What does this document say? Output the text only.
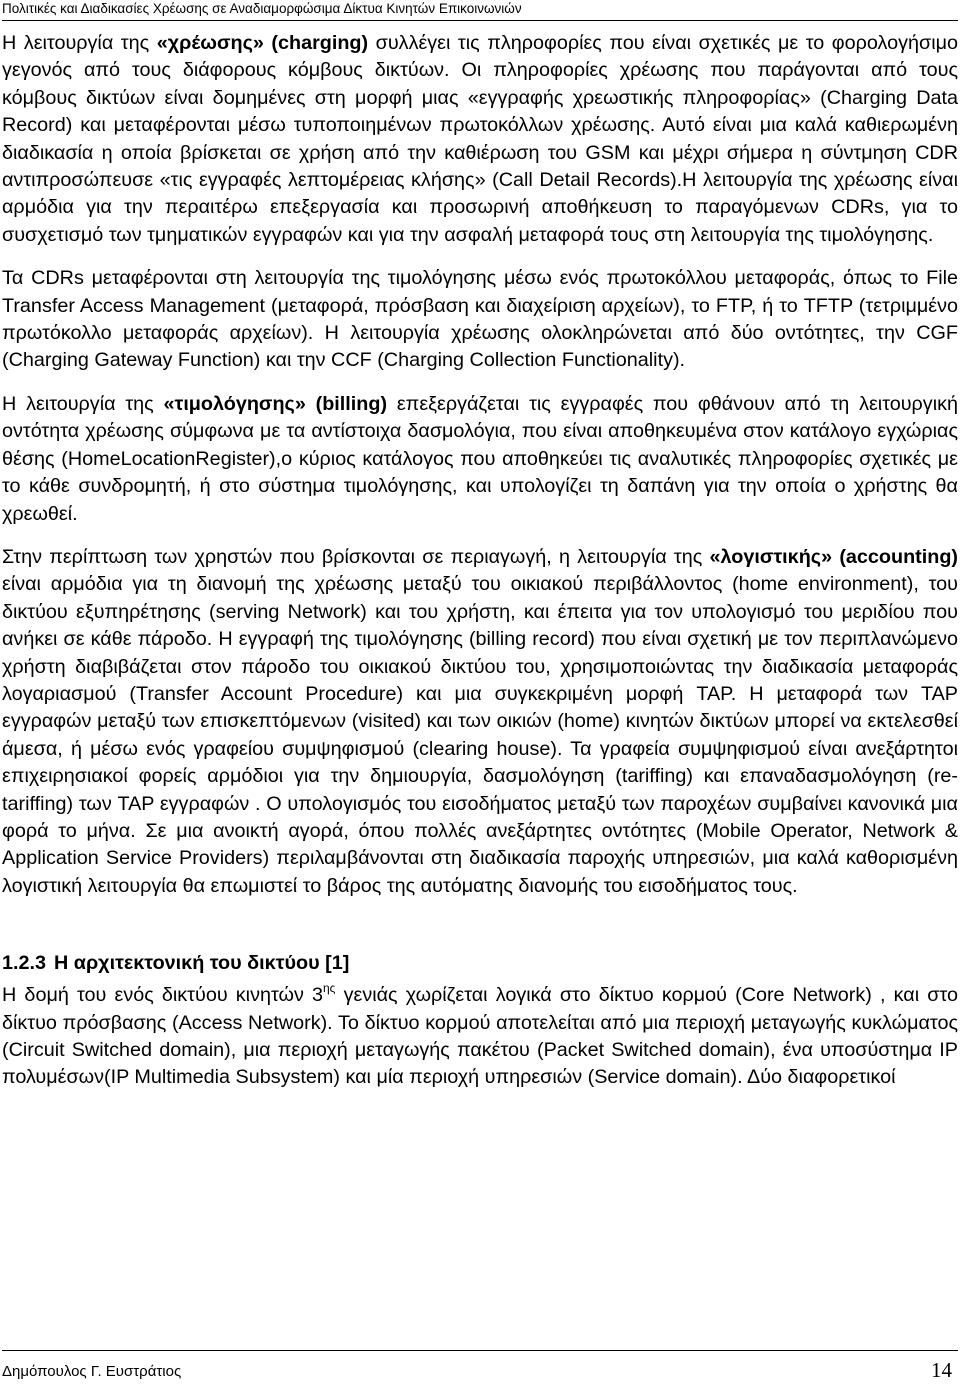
Πολιτικές και Διαδικασίες Χρέωσης σε Αναδιαμορφώσιμα Δίκτυα Κινητών Επικοινωνιών

Η λειτουργία της «χρέωσης» (charging) συλλέγει τις πληροφορίες που είναι σχετικές με το φορολογήσιμο γεγονός από τους διάφορους κόμβους δικτύων. Οι πληροφορίες χρέωσης που παράγονται από τους κόμβους δικτύων είναι δομημένες στη μορφή μιας «εγγραφής χρεωστικής πληροφορίας» (Charging Data Record) και μεταφέρονται μέσω τυποποιημένων πρωτοκόλλων χρέωσης. Αυτό είναι μια καλά καθιερωμένη διαδικασία η οποία βρίσκεται σε χρήση από την καθιέρωση του GSM και μέχρι σήμερα η σύντμηση CDR αντιπροσώπευσε «τις εγγραφές λεπτομέρειας κλήσης» (Call Detail Records).Η λειτουργία της χρέωσης είναι αρμόδια για την περαιτέρω επεξεργασία και προσωρινή αποθήκευση το παραγόμενων CDRs, για το συσχετισμό των τμηματικών εγγραφών και για την ασφαλή μεταφορά τους στη λειτουργία της τιμολόγησης.

Τα CDRs μεταφέρονται στη λειτουργία της τιμολόγησης μέσω ενός πρωτοκόλλου μεταφοράς, όπως το File Transfer Access Management (μεταφορά, πρόσβαση και διαχείριση αρχείων), το FTP, ή το TFTP (τετριμμένο πρωτόκολλο μεταφοράς αρχείων). Η λειτουργία χρέωσης ολοκληρώνεται από δύο οντότητες, την CGF (Charging Gateway Function) και την CCF (Charging Collection Functionality).

Η λειτουργία της «τιμολόγησης» (billing) επεξεργάζεται τις εγγραφές που φθάνουν από τη λειτουργική οντότητα χρέωσης σύμφωνα με τα αντίστοιχα δασμολόγια, που είναι αποθηκευμένα στον κατάλογο εγχώριας θέσης (HomeLocationRegister),ο κύριος κατάλογος που αποθηκεύει τις αναλυτικές πληροφορίες σχετικές με το κάθε συνδρομητή, ή στο σύστημα τιμολόγησης, και υπολογίζει τη δαπάνη για την οποία ο χρήστης θα χρεωθεί.

Στην περίπτωση των χρηστών που βρίσκονται σε περιαγωγή, η λειτουργία της «λογιστικής» (accounting) είναι αρμόδια για τη διανομή της χρέωσης μεταξύ του οικιακού περιβάλλοντος (home environment), του δικτύου εξυπηρέτησης (serving Network) και του χρήστη, και έπειτα για τον υπολογισμό του μεριδίου που ανήκει σε κάθε πάροδο. Η εγγραφή της τιμολόγησης (billing record) που είναι σχετική με τον περιπλανώμενο χρήστη διαβιβάζεται στον πάροδο του οικιακού δικτύου του, χρησιμοποιώντας την διαδικασία μεταφοράς λογαριασμού (Transfer Account Procedure) και μια συγκεκριμένη μορφή TAP. Η μεταφορά των TAP εγγραφών μεταξύ των επισκεπτόμενων (visited) και των οικιών (home) κινητών δικτύων μπορεί να εκτελεσθεί άμεσα, ή μέσω ενός γραφείου συμψηφισμού (clearing house). Τα γραφεία συμψηφισμού είναι ανεξάρτητοι επιχειρησιακοί φορείς αρμόδιοι για την δημιουργία, δασμολόγηση (tariffing) και επαναδασμολόγηση (re-tariffing) των TAP εγγραφών . Ο υπολογισμός του εισοδήματος μεταξύ των παροχέων συμβαίνει κανονικά μια φορά το μήνα. Σε μια ανοικτή αγορά, όπου πολλές ανεξάρτητες οντότητες (Mobile Operator, Network & Application Service Providers) περιλαμβάνονται στη διαδικασία παροχής υπηρεσιών, μια καλά καθορισμένη λογιστική λειτουργία θα επωμιστεί το βάρος της αυτόματης διανομής του εισοδήματος τους.

1.2.3 Η αρχιτεκτονική του δικτύου [1]

Η δομή του ενός δικτύου κινητών $3^{\eta\varsigma}$ γενιάς χωρίζεται λογικά στο δίκτυο κορμού (Core Network) , και στο δίκτυο πρόσβασης (Access Network). Το δίκτυο κορμού αποτελείται από μια περιοχή μεταγωγής κυκλώματος (Circuit Switched domain), μια περιοχή μεταγωγής πακέτου (Packet Switched domain), ένα υποσύστημα IP πολυμέσων(IP Multimedia Subsystem) και μία περιοχή υπηρεσιών (Service domain). Δύο διαφορετικοί

Δημόπουλος Γ. Ευστράτιος	14
